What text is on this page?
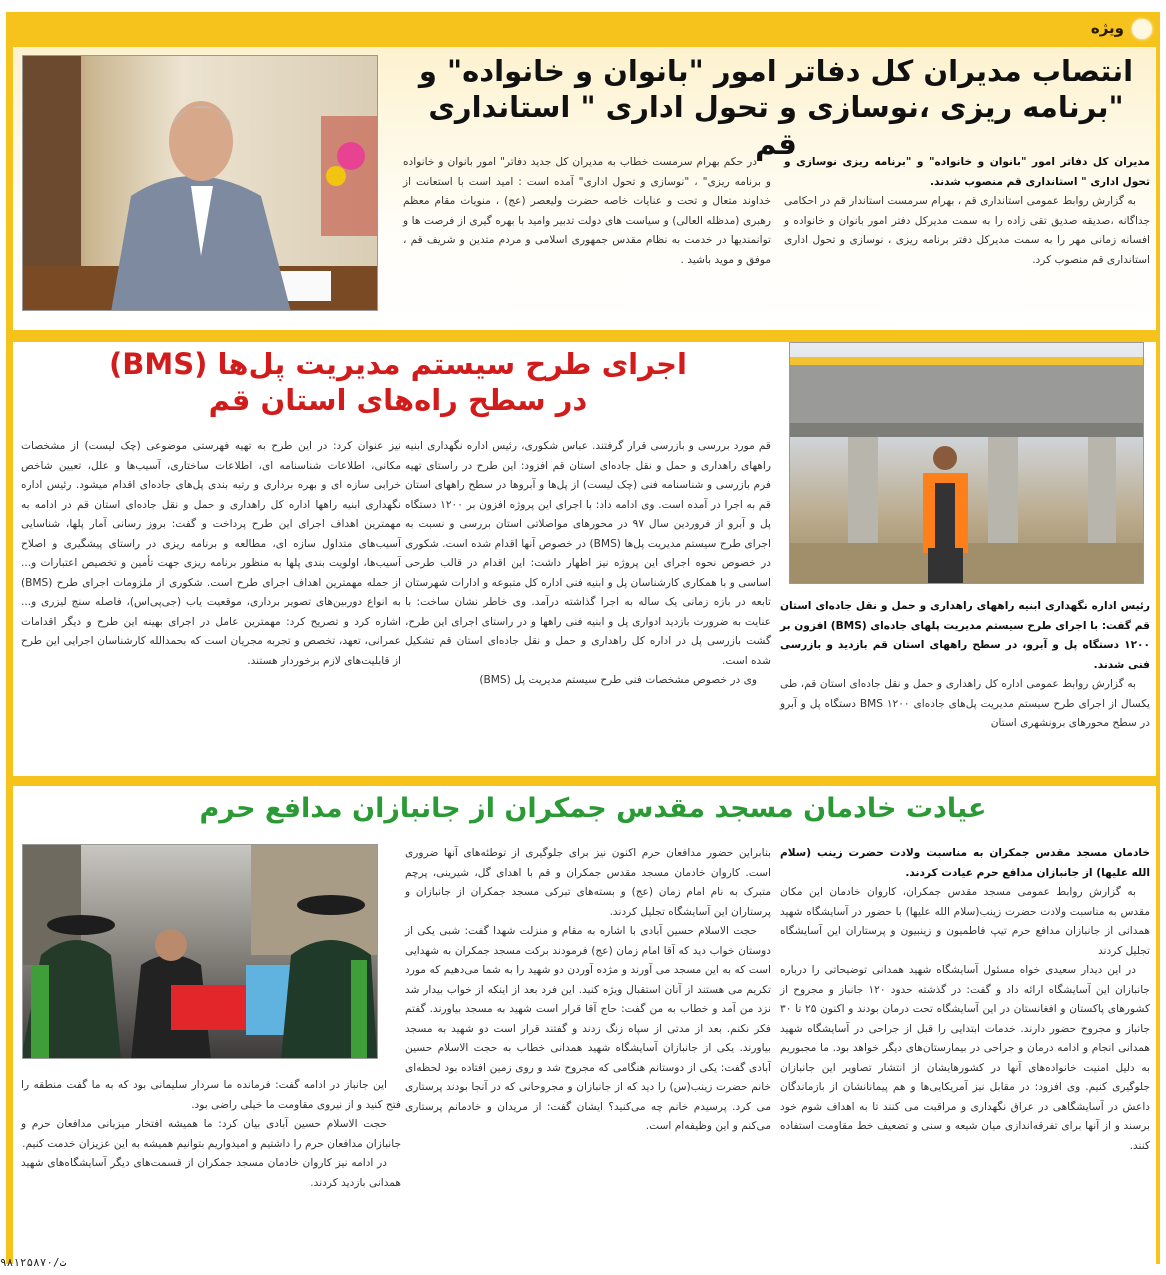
ویژه
انتصاب مدیران کل دفاتر امور "بانوان و خانواده" و "برنامه ریزی ،نوسازی و تحول اداری " استانداری قم

مدیران کل دفاتر امور "بانوان و خانواده" و "برنامه ریزی نوسازی و تحول اداری " استانداری قم منصوب شدند.

به گزارش روابط عمومی استانداری قم ، بهرام سرمست استاندار قم در احکامی جداگانه ،صدیقه صدیق تقی زاده را به سمت مدیرکل دفتر امور بانوان و خانواده و افسانه زمانی مهر را به سمت مدیرکل دفتر برنامه ریزی ، نوسازی و تحول اداری استانداری قم منصوب کرد.

در حکم بهرام سرمست خطاب به مدیران کل جدید دفاتر" امور بانوان و خانواده و برنامه ریزی" ، "نوسازی و تحول اداری" آمده است : امید است با استعانت از خداوند متعال و تحت و عنایات خاصه حضرت ولیعصر (عج) ، منویات مقام معظم رهبری (مدظله العالی) و سیاست های دولت تدبیر وامید با بهره گیری از فرصت ها و توانمندیها در خدمت به نظام مقدس جمهوری اسلامی و مردم متدین و شریف قم ، موفق و موید باشید .

اجرای طرح سیستم مدیریت پل‌ها (BMS)
در سطح راه‌های استان قم

رئیس اداره نگهداری ابنیه راههای راهداری و حمل و نقل جاده‌ای استان قم گفت: با اجرای طرح سیستم مدیریت پلهای جاده‌ای (BMS) افزون بر ۱۲۰۰ دستگاه پل و آبرو، در سطح راههای استان قم بازدید و بازرسی فنی شدند.

به گزارش روابط عمومی اداره کل راهداری و حمل و نقل جاده‌ای استان قم، طی یکسال از اجرای طرح سیستم مدیریت پل‌های جاده‌ای BMS ۱۲۰۰ دستگاه پل و آبرو در سطح محورهای برونشهری استان

قم مورد بررسی و بازرسی قرار گرفتند. عباس شکوری، رئیس اداره نگهداری ابنیه راههای راهداری و حمل و نقل جاده‌ای استان قم افزود: این طرح در راستای تهیه فرم بازرسی و شناسنامه فنی (چک لیست) از پل‌ها و آبروها در سطح راههای استان قم به اجرا در آمده است. وی ادامه داد: با اجرای این پروژه افزون بر ۱۲۰۰ دستگاه پل و آبرو از فروردین سال ۹۷ در محورهای مواصلاتی استان بررسی و نسبت به اجرای طرح سیستم مدیریت پل‌ها (BMS) در خصوص آنها اقدام شده است. شکوری در خصوص نحوه اجرای این پروژه نیز اظهار داشت: این اقدام در قالب طرحی اساسی و با همکاری کارشناسان پل و ابنیه فنی اداره کل متبوعه و ادارات شهرستان تابعه در بازه زمانی یک ساله به اجرا گذاشته درآمد. وی خاطر نشان ساخت: با عنایت به ضرورت بازدید ادواری پل و ابنیه فنی راهها و در راستای اجرای این طرح، گشت بازرسی پل در اداره کل راهداری و حمل و نقل جاده‌ای استان قم تشکیل شده است.

وی در خصوص مشخصات فنی طرح سیستم مدیریت پل (BMS)

نیز عنوان کرد: در این طرح به تهیه فهرستی موضوعی (چک لیست) از مشخصات مکانی، اطلاعات شناسنامه ای، اطلاعات ساختاری، آسیب‌ها و علل، تعیین شاخص خرابی سازه ای و بهره برداری و رتبه بندی پل‌های جاده‌ای اقدام میشود. رئیس اداره نگهداری ابنیه راهها اداره کل راهداری و حمل و نقل جاده‌ای استان قم در ادامه به مهمترین اهداف اجرای این طرح پرداخت و گفت: بروز رسانی آمار پلها، شناسایی آسیب‌های متداول سازه ای، مطالعه و برنامه ریزی در راستای پیشگیری و اصلاح آسیب‌ها، اولویت بندی پلها به منظور برنامه ریزی جهت تأمین و تخصیص اعتبارات و... از جمله مهمترین اهداف اجرای طرح است. شکوری از ملزومات اجرای طرح (BMS) به انواع دوربین‌های تصویر برداری، موقعیت یاب (جی‌پی‌اس)، فاصله سنج لیزری و... اشاره کرد و تصریح کرد: مهمترین عامل در اجرای بهینه این طرح و دیگر اقدامات عمرانی، تعهد، تخصص و تجربه مجریان است که بحمدالله کارشناسان اجرایی این طرح از قابلیت‌های لازم برخوردار هستند.

عیادت خادمان مسجد مقدس جمکران از جانبازان مدافع حرم

خادمان مسجد مقدس جمکران به مناسبت ولادت حضرت زینب (سلام الله علیها) از جانبازان مدافع حرم عیادت کردند.

به گزارش روابط عمومی مسجد مقدس جمکران، کاروان خادمان این مکان مقدس به مناسبت ولادت حضرت زینب(سلام الله علیها) با حضور در آسایشگاه شهید همدانی از جانبازان مدافع حرم تیپ فاطمیون و زینبیون و پرستاران این آسایشگاه تجلیل کردند

در این دیدار سعیدی خواه مسئول آسایشگاه شهید همدانی توضیحاتی را درباره جانبازان این آسایشگاه ارائه داد و گفت: در گذشته حدود ۱۲۰ جانباز و مجروح از کشورهای پاکستان و افغانستان در این آسایشگاه تحت درمان بودند و اکنون ۲۵ تا ۳۰ جانباز و مجروح حضور دارند. خدمات ابتدایی را قبل از جراحی در آسایشگاه شهید همدانی انجام و ادامه درمان و جراحی در بیمارستان‌های دیگر خواهد بود. ما مجبوریم به دلیل امنیت خانواده‌های آنها در کشورهایشان از انتشار تصاویر این جانبازان جلوگیری کنیم. وی افزود: در مقابل نیز آمریکایی‌ها و هم پیمانانشان از بازماندگان داعش در آسایشگاهی در عراق نگهداری و مراقبت می کنند تا به اهداف شوم خود برسند و از آنها برای تفرقه‌اندازی میان شیعه و سنی و تضعیف خط مقاومت استفاده کنند.

بنابراین حضور مدافعان حرم اکنون نیز برای جلوگیری از توطئه‌های آنها ضروری است. کاروان خادمان مسجد مقدس جمکران و قم با اهدای گل، شیرینی، پرچم متبرک به نام امام زمان (عج) و بسته‌های تبرکی مسجد جمکران از جانبازان و پرستاران این آسایشگاه تجلیل کردند.

حجت الاسلام حسین آبادی با اشاره به مقام و منزلت شهدا گفت: شبی یکی از دوستان خواب دید که آقا امام زمان (عج) فرمودند برکت مسجد جمکران به شهدایی است که به این مسجد می آورند و مژده آوردن دو شهید را به شما می‌دهیم که مورد تکریم می هستند از آنان استقبال ویژه کنید. این فرد بعد از اینکه از خواب بیدار شد نزد من آمد و خطاب به من گفت: حاج آقا قرار است شهید به مسجد بیاورند. گفتم فکر نکنم. بعد از مدتی از سپاه زنگ زدند و گفتند قرار است دو شهید به مسجد بیاورند. یکی از جانبازان آسایشگاه شهید همدانی خطاب به حجت الاسلام حسین آبادی گفت: یکی از دوستانم هنگامی که مجروح شد و روی زمین افتاده بود لحظه‌ای خانم حضرت زینب(س) را دید که از جانبازان و مجروحانی که در آنجا بودند پرستاری می کرد. پرسیدم خانم چه می‌کنید؟ ایشان گفت: از مریدان و خادمانم پرستاری می‌کنم و این وظیفه‌ام است.

این جانباز در ادامه گفت: فرمانده ما سردار سلیمانی بود که به ما گفت منطقه را فتح کنید و از نیروی مقاومت ما خیلی راضی بود.

حجت الاسلام حسین آبادی بیان کرد: ما همیشه افتخار میزبانی مدافعان حرم و جانبازان مدافعان حرم را داشتیم و امیدواریم بتوانیم همیشه به این عزیزان خدمت کنیم.

در ادامه نیز کاروان خادمان مسجد جمکران از قسمت‌های دیگر آسایشگاه‌های شهید همدانی بازدید کردند.

ت/۹۸۱۲۵۸۷۰
